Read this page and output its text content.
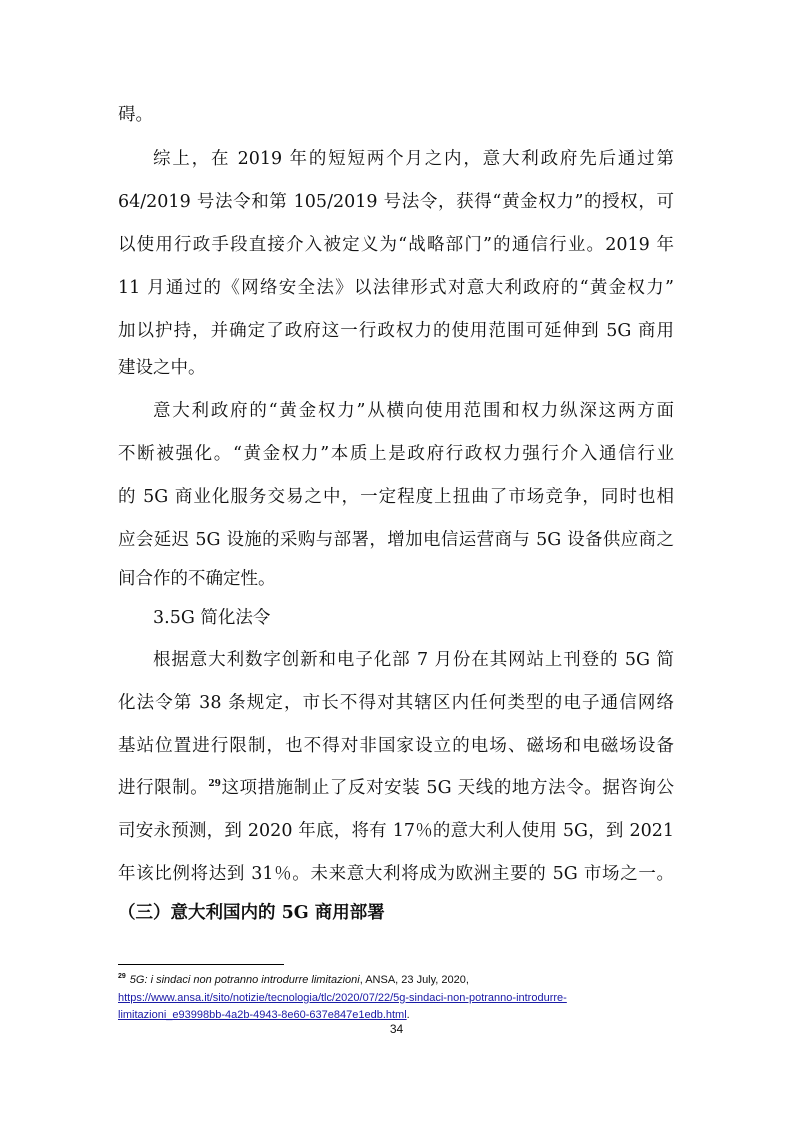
碍。
综上，在 2019 年的短短两个月之内，意大利政府先后通过第
64/2019 号法令和第 105/2019 号法令，获得“黄金权力”的授权，可
以使用行政手段直接介入被定义为“战略部门”的通信行业。2019 年
11 月通过的《网络安全法》以法律形式对意大利政府的“黄金权力”
加以护持，并确定了政府这一行政权力的使用范围可延伸到 5G 商用
建设之中。
意大利政府的“黄金权力”从横向使用范围和权力纵深这两方面
不断被强化。“黄金权力”本质上是政府行政权力强行介入通信行业
的 5G 商业化服务交易之中，一定程度上扭曲了市场竞争，同时也相
应会延迟 5G 设施的采购与部署，增加电信运营商与 5G 设备供应商之
间合作的不确定性。
3.5G 简化法令
根据意大利数字创新和电子化部 7 月份在其网站上刊登的 5G 简
化法令第 38 条规定，市长不得对其辖区内任何类型的电子通信网络
基站位置进行限制，也不得对非国家设立的电场、磁场和电磁场设备
进行限制。$^{29}$这项措施制止了反对安装 5G 天线的地方法令。据咨询公
司安永预测，到 2020 年底，将有 17％的意大利人使用 5G，到 2021
年该比例将达到 31％。未来意大利将成为欧洲主要的 5G 市场之一。
（三）意大利国内的 5G 商用部署
$^{29}$ 5G: i sindaci non potranno introdurre limitazioni, ANSA, 23 July, 2020,
https://www.ansa.it/sito/notizie/tecnologia/tlc/2020/07/22/5g-sindaci-non-potranno-introdurre-
limitazioni_e93998bb-4a2b-4943-8e60-637e847e1edb.html.
34
